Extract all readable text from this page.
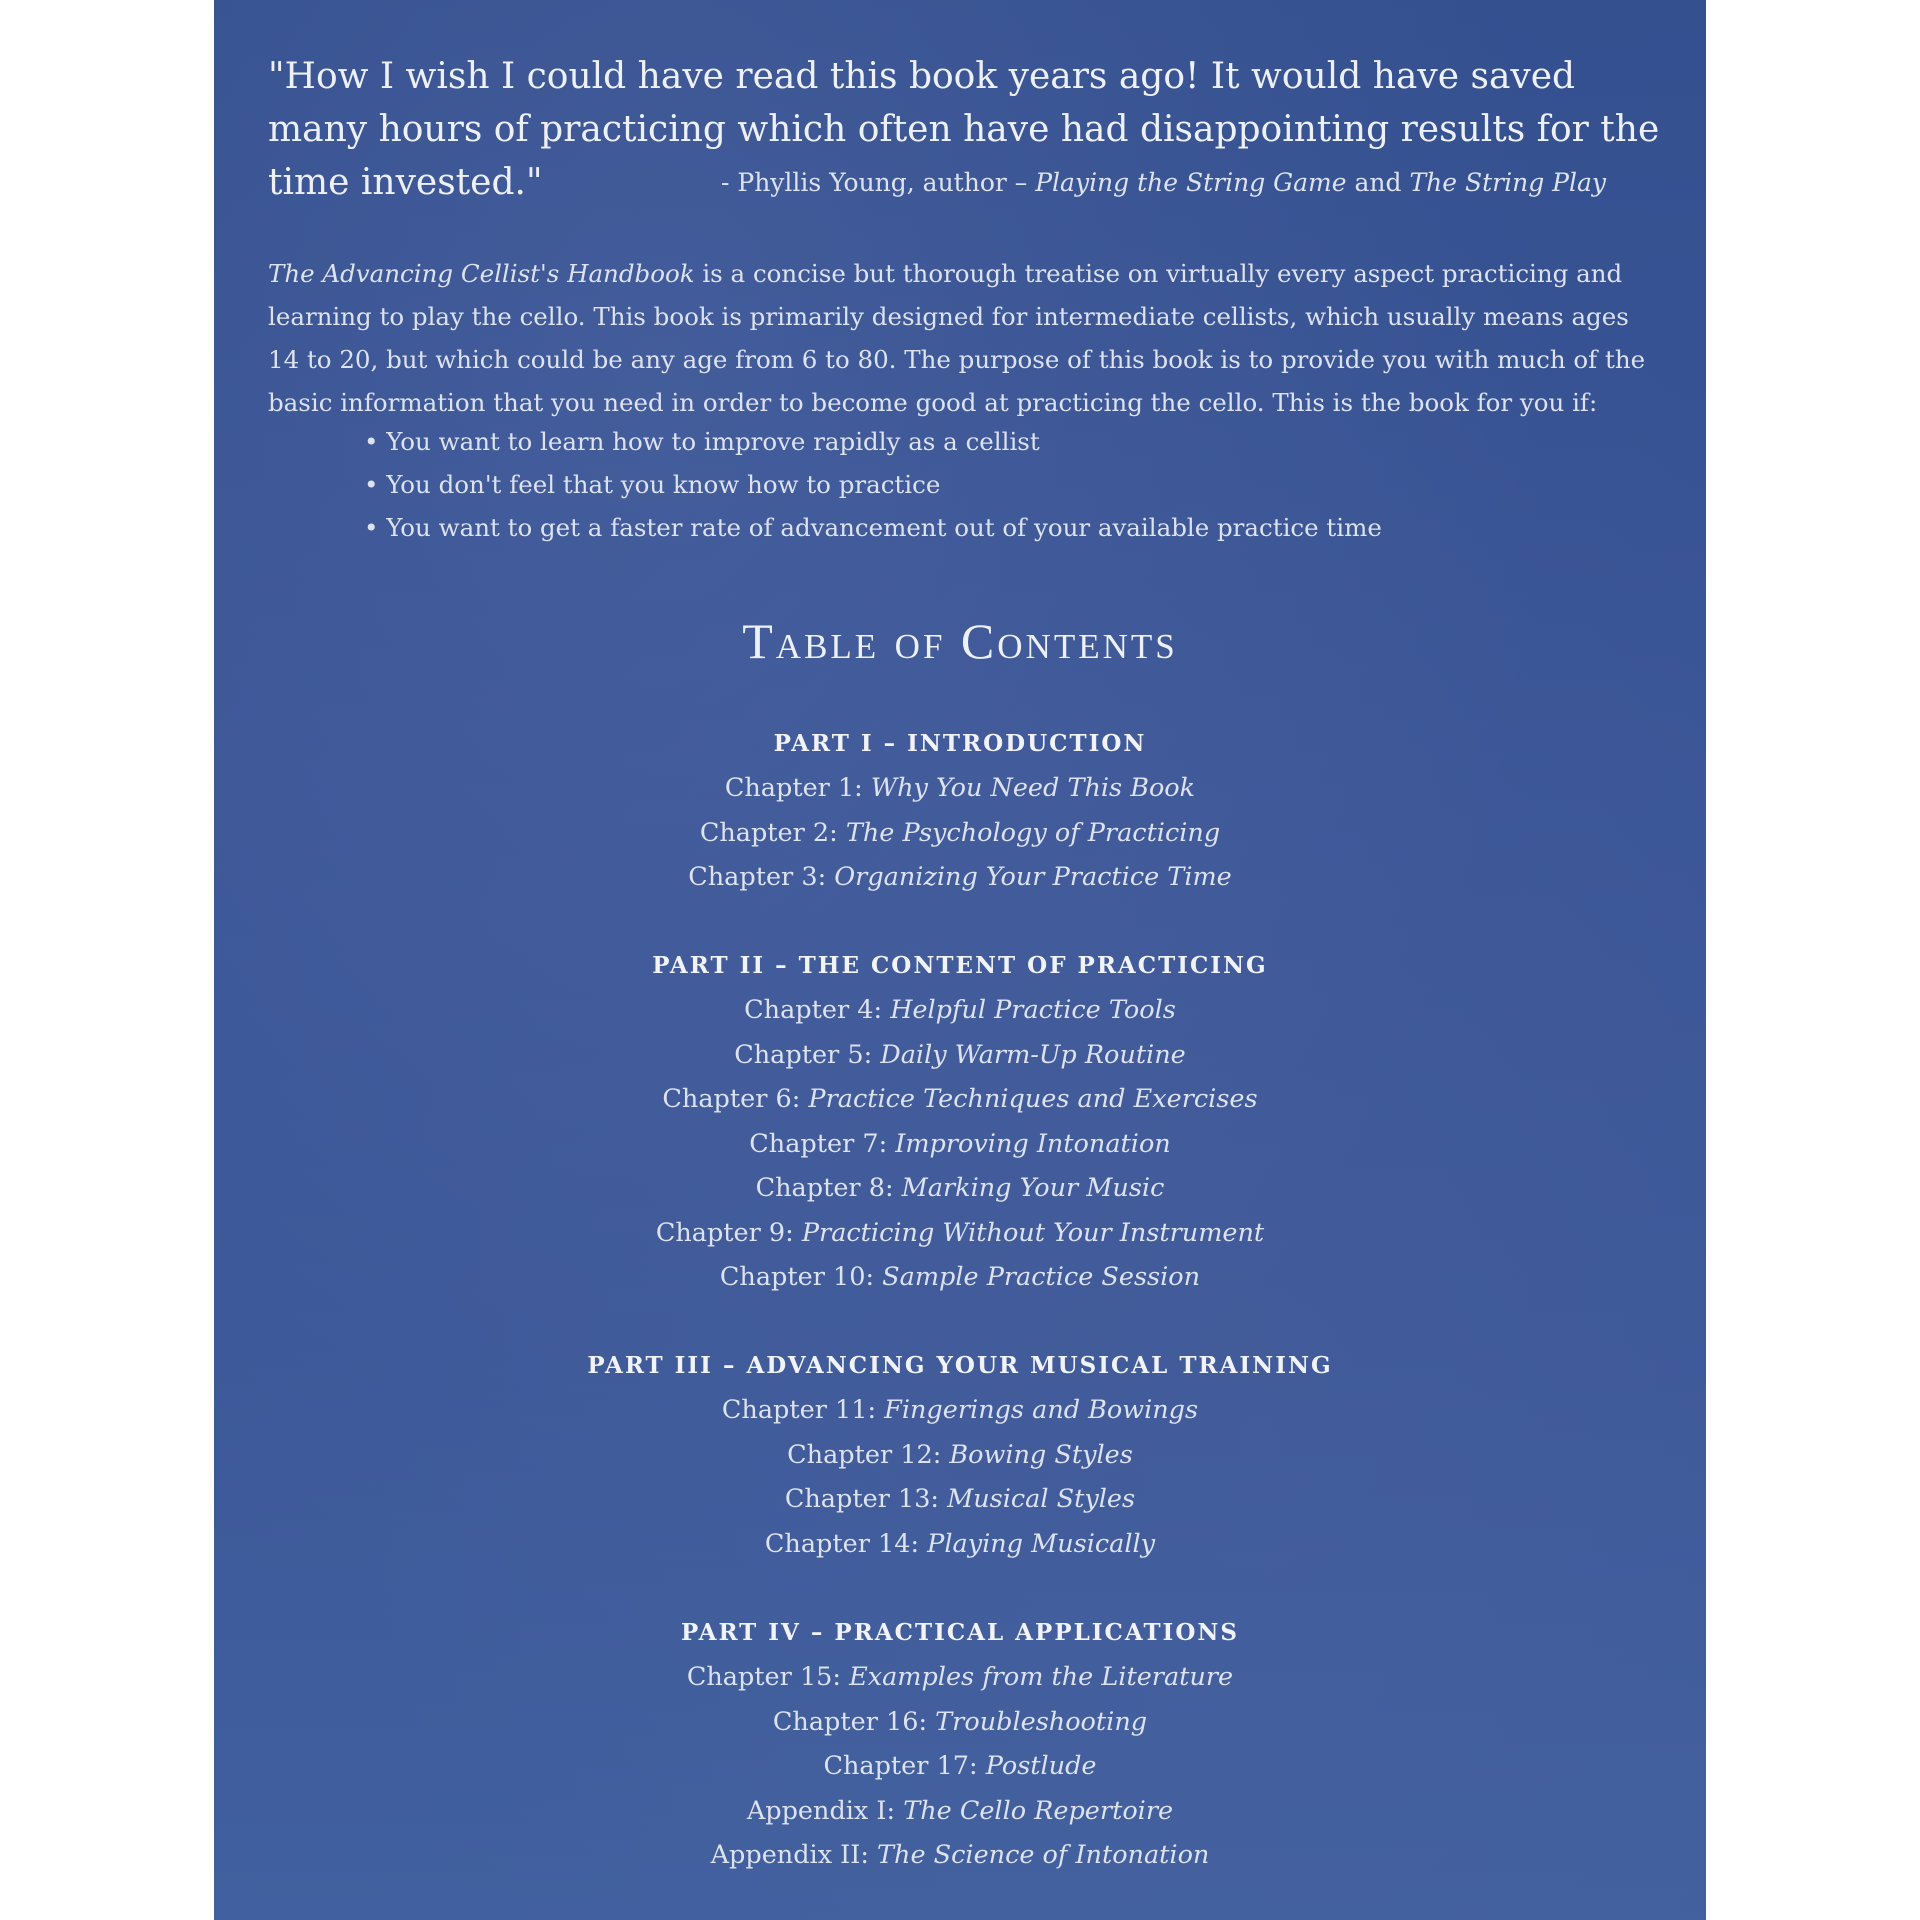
"How I wish I could have read this book years ago! It would have saved many hours of practicing which often have had disappointing results for the time invested."	- Phyllis Young, author – Playing the String Game and The String Play
The Advancing Cellist's Handbook is a concise but thorough treatise on virtually every aspect practicing and learning to play the cello. This book is primarily designed for intermediate cellists, which usually means ages 14 to 20, but which could be any age from 6 to 80. The purpose of this book is to provide you with much of the basic information that you need in order to become good at practicing the cello. This is the book for you if:
• You want to learn how to improve rapidly as a cellist
• You don't feel that you know how to practice
• You want to get a faster rate of advancement out of your available practice time
Table of Contents
PART I – INTRODUCTION
Chapter 1: Why You Need This Book
Chapter 2: The Psychology of Practicing
Chapter 3: Organizing Your Practice Time
PART II – THE CONTENT OF PRACTICING
Chapter 4: Helpful Practice Tools
Chapter 5: Daily Warm-Up Routine
Chapter 6: Practice Techniques and Exercises
Chapter 7: Improving Intonation
Chapter 8: Marking Your Music
Chapter 9: Practicing Without Your Instrument
Chapter 10: Sample Practice Session
PART III – ADVANCING YOUR MUSICAL TRAINING
Chapter 11: Fingerings and Bowings
Chapter 12: Bowing Styles
Chapter 13: Musical Styles
Chapter 14: Playing Musically
PART IV – PRACTICAL APPLICATIONS
Chapter 15: Examples from the Literature
Chapter 16: Troubleshooting
Chapter 17: Postlude
Appendix I: The Cello Repertoire
Appendix II: The Science of Intonation
